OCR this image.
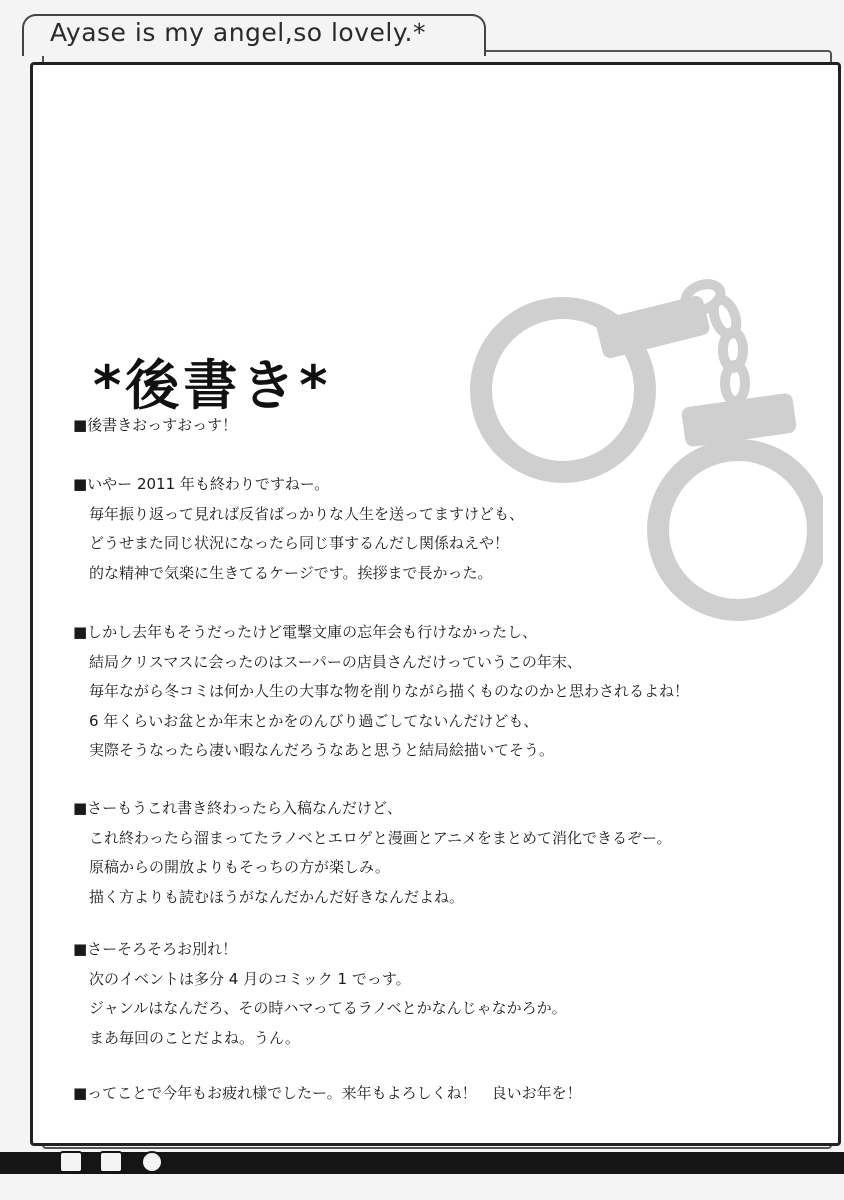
Ayase is my angel,so lovely.*
*後書き*
■後書きおっすおっす！
■いやー 2011 年も終わりですねー。
毎年振り返って見れば反省ばっかりな人生を送ってますけども、
どうせまた同じ状況になったら同じ事するんだし関係ねえや！
的な精神で気楽に生きてるケージです。挨拶まで長かった。
■しかし去年もそうだったけど電撃文庫の忘年会も行けなかったし、
結局クリスマスに会ったのはスーパーの店員さんだけっていうこの年末、
毎年ながら冬コミは何か人生の大事な物を削りながら描くものなのかと思わされるよね！
6 年くらいお盆とか年末とかをのんびり過ごしてないんだけども、
実際そうなったら凄い暇なんだろうなあと思うと結局絵描いてそう。
■さーもうこれ書き終わったら入稿なんだけど、
これ終わったら溜まってたラノベとエロゲと漫画とアニメをまとめて消化できるぞー。
原稿からの開放よりもそっちの方が楽しみ。
描く方よりも読むほうがなんだかんだ好きなんだよね。
■さーそろそろお別れ！
次のイベントは多分 4 月のコミック 1 でっす。
ジャンルはなんだろ、その時ハマってるラノベとかなんじゃなかろか。
まあ毎回のことだよね。うん。
■ってことで今年もお疲れ様でしたー。来年もよろしくね！　良いお年を！
